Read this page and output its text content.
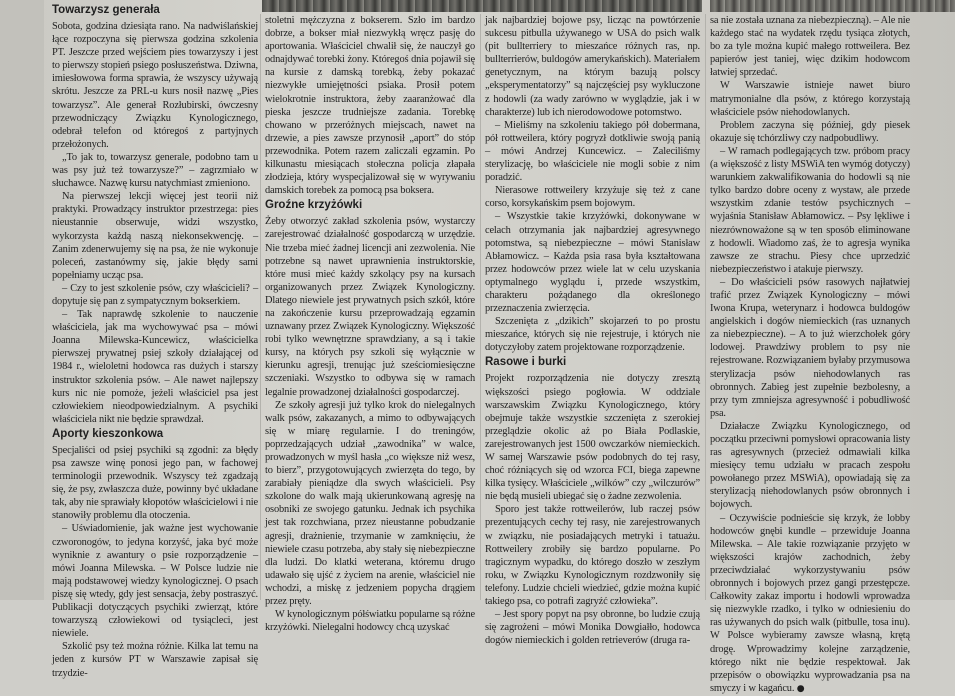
Towarzysz generała

Sobota, godzina dziesiąta rano. Na nadwiślańskiej łące rozpoczyna się pierwsza godzina szkolenia PT. Jeszcze przed wejściem pies towarzyszy i jest to pierwszy stopień psiego posłuszeństwa. Dziwna, imiesłowowa forma sprawia, że wszyscy używają skrótu. Jeszcze za PRL-u kurs nosił nazwę „Pies towarzysz”. Ale generał Rozłubirski, ówczesny przewodniczący Związku Kynologicznego, odebrał telefon od któregoś z partyjnych przełożonych.

„To jak to, towarzysz generale, podobno tam u was psy już też towarzysze?” – zagrzmiało w słuchawce. Nazwę kursu natychmiast zmieniono.

Na pierwszej lekcji więcej jest teorii niż praktyki. Prowadzący instruktor przestrzega: pies nieustannie obserwuje, widzi wszystko, wykorzysta każdą naszą niekonsekwencję. – Zanim zdenerwujemy się na psa, że nie wykonuje poleceń, zastanówmy się, jakie błędy sami popełniamy ucząc psa.

– Czy to jest szkolenie psów, czy właścicieli? – dopytuje się pan z sympatycznym bokserkiem.

– Tak naprawdę szkolenie to nauczenie właściciela, jak ma wychowywać psa – mówi Joanna Milewska-Kuncewicz, właścicielka pierwszej prywatnej psiej szkoły działającej od 1984 r., wieloletni hodowca ras dużych i starszy instruktor szkolenia psów. – Ale nawet najlepszy kurs nic nie pomoże, jeżeli właściciel psa jest człowiekiem nieodpowiedzialnym. A psychiki właściciela nikt nie będzie sprawdzał.

Aporty kieszonkowa

Specjaliści od psiej psychiki są zgodni: za błędy psa zawsze winę ponosi jego pan, w fachowej terminologii przewodnik. Wszyscy też zgadzają się, że psy, zwłaszcza duże, powinny być układane tak, aby nie sprawiały kłopotów właścicielowi i nie stanowiły problemu dla otoczenia.

– Uświadomienie, jak ważne jest wychowanie czworonogów, to jedyna korzyść, jaka być może wyniknie z awantury o psie rozporządzenie – mówi Joanna Milewska. – W Polsce ludzie nie mają podstawowej wiedzy kynologicznej. O psach piszę się wtedy, gdy jest sensacja, żeby postraszyć. Publikacji dotyczących psychiki zwierząt, które towarzyszą człowiekowi od tysiącleci, jest niewiele.

Szkolić psy też można różnie. Kilka lat temu na jeden z kursów PT w Warszawie zapisał się trzydzie-

stoletni mężczyzna z bokserem. Szło im bardzo dobrze, a bokser miał niezwykłą wręcz pasję do aportowania. Właściciel chwalił się, że nauczył go odnajdywać torebki żony. Któregoś dnia pojawił się na kursie z damską torebką, żeby pokazać niezwykłe umiejętności psiaka. Prosił potem wielokrotnie instruktora, żeby zaaranżować dla pieska jeszcze trudniejsze zadania. Torebkę chowano w przeróżnych miejscach, nawet na drzewie, a pies zawsze przynosił „aport” do stóp przewodnika. Potem razem zaliczali egzamin. Po kilkunastu miesiącach stołeczna policja złapała złodzieja, który wyspecjalizował się w wyrywaniu damskich torebek za pomocą psa boksera.

Groźne krzyżówki

Żeby otworzyć zakład szkolenia psów, wystarczy zarejestrować działalność gospodarczą w urzędzie. Nie trzeba mieć żadnej licencji ani zezwolenia. Nie potrzebne są nawet uprawnienia instruktorskie, które musi mieć każdy szkolący psy na kursach organizowanych przez Związek Kynologiczny. Dlatego niewiele jest prywatnych psich szkół, które na zakończenie kursu przeprowadzają egzamin uznawany przez Związek Kynologiczny. Większość robi tylko wewnętrzne sprawdziany, a są i takie kursy, na których psy szkoli się wyłącznie w kierunku agresji, trenując już sześciomiesięczne szczeniaki. Wszystko to odbywa się w ramach legalnie prowadzonej działalności gospodarczej.

Ze szkoły agresji już tylko krok do nielegalnych walk psów, zakazanych, a mimo to odbywających się w miarę regularnie. I do treningów, poprzedzających udział „zawodnika” w walce, prowadzonych w myśl hasła „co większe niż wesz, to bierz”, przygotowujących zwierzęta do tego, by zarabiały pieniądze dla swych właścicieli. Psy szkolone do walk mają ukierunkowaną agresję na osobniki ze swojego gatunku. Jednak ich psychika jest tak rozchwiana, przez nieustanne pobudzanie agresji, drażnienie, trzymanie w zamknięciu, że niewiele czasu potrzeba, aby stały się niebezpieczne dla ludzi. Do klatki weterana, któremu drugo udawało się ujść z życiem na arenie, właściciel nie wchodzi, a miskę z jedzeniem popycha drągiem przez pręty.

W kynologicznym półświatku popularne są różne krzyżówki. Nielegalni hodowcy chcą uzyskać

jak najbardziej bojowe psy, licząc na powtórzenie sukcesu pitbulla używanego w USA do psich walk (pit bullterriery to mieszańce różnych ras, np. bullterrierów, buldogów amerykańskich). Materiałem genetycznym, na którym bazują polscy „eksperymentatorzy” są najczęściej psy wykluczone z hodowli (za wady zarówno w wyglądzie, jak i w charakterze) lub ich nierodowodowe potomstwo.

– Mieliśmy na szkoleniu takiego pół dobermana, pół rottweilera, który pogryzł dotkliwie swoją panią – mówi Andrzej Kuncewicz. – Zaleciliśmy sterylizację, bo właściciele nie mogli sobie z nim poradzić.

Nierasowe rottweilery krzyżuje się też z cane corso, korsykańskim psem bojowym.

– Wszystkie takie krzyżówki, dokonywane w celach otrzymania jak najbardziej agresywnego potomstwa, są niebezpieczne – mówi Stanisław Abłamowicz. – Każda psia rasa była kształtowana przez hodowców przez wiele lat w celu uzyskania optymalnego wyglądu i, przede wszystkim, charakteru pożądanego dla określonego przeznaczenia zwierzęcia.

Szczenięta z „dzikich” skojarzeń to po prostu mieszańce, których się nie rejestruje, i których nie dotyczyłoby zatem projektowane rozporządzenie.

Rasowe i burki

Projekt rozporządzenia nie dotyczy zresztą większości psiego pogłowia. W oddziale warszawskim Związku Kynologicznego, który obejmuje także wszystkie szczenięta z szerokiej przeglądzie okolic aż po Biała Podlaskie, zarejestrowanych jest 1500 owczarków niemieckich. W samej Warszawie psów podobnych do tej rasy, choć różniących się od wzorca FCI, biega zapewne kilka tysięcy. Właściciele „wilków” czy „wilczurów” nie będą musieli ubiegać się o żadne zezwolenia.

Sporo jest także rottweilerów, lub raczej psów prezentujących cechy tej rasy, nie zarejestrowanych w związku, nie posiadających metryki i tatuażu. Rottweilery zrobiły się bardzo popularne. Po tragicznym wypadku, do którego doszło w zeszłym roku, w Związku Kynologicznym rozdzwoniły się telefony. Ludzie chcieli wiedzieć, gdzie można kupić takiego psa, co potrafi zagryźć człowieka”.

– Jest spory popyt na psy obronne, bo ludzie czują się zagrożeni – mówi Monika Dowgiałło, hodowca dogów niemieckich i golden retrieverów (druga ra-

sa nie została uznana za niebezpieczną). – Ale nie każdego stać na wydatek rzędu tysiąca złotych, bo za tyle można kupić małego rottweilera. Bez papierów jest taniej, więc dzikim hodowcom łatwiej sprzedać.

W Warszawie istnieje nawet biuro matrymonialne dla psów, z którego korzystają właściciele psów niehodowlanych.

Problem zaczyna się później, gdy piesek okazuje się tchórzliwy czy nadpobudliwy.

– W ramach podlegających tzw. próbom pracy (a większość z listy MSWiA ten wymóg dotyczy) warunkiem zakwalifikowania do hodowli są nie tylko bardzo dobre oceny z wystaw, ale przede wszystkim zdanie testów psychicznych – wyjaśnia Stanisław Abłamowicz. – Psy lękliwe i niezrównoważone są w ten sposób eliminowane z hodowli. Wiadomo zaś, że to agresja wynika zawsze ze strachu. Piesy chce uprzedzić niebezpieczeństwo i atakuje pierwszy.

– Do właścicieli psów rasowych najłatwiej trafić przez Związek Kynologiczny – mówi Iwona Krupa, weterynarz i hodowca buldogów angielskich i dogów niemieckich (ras uznanych za niebezpieczne). – A to już wierzchołek góry lodowej. Prawdziwy problem to psy nie rejestrowane. Rozwiązaniem byłaby przymusowa sterylizacja psów niehodowlanych ras obronnych. Zabieg jest zupełnie bezbolesny, a przy tym zmniejsza agresywność i pobudliwość psa.

Działacze Związku Kynologicznego, od początku przeciwni pomysłowi opracowania listy ras agresywnych (przecież odmawiali kilka miesięcy temu udziału w pracach zespołu powołanego przez MSWiA), opowiadają się za sterylizacją niehodowlanych psów obronnych i bojowych.

– Oczywiście podnieście się krzyk, że lobby hodowców gnębi kundle – przewiduje Joanna Milewska. – Ale takie rozwiązanie przyjęto w większości krajów zachodnich, żeby przeciwdziałać wykorzystywaniu psów obronnych i bojowych przez gangi przestępcze. Całkowity zakaz importu i hodowli wprowadza się niezwykle rzadko, i tylko w odniesieniu do ras używanych do psich walk (pitbulle, tosa inu). W Polsce wybieramy zawsze własną, krętą drogę. Wprowadzimy kolejne zarządzenie, którego nikt nie będzie respektował. Jak przepisów o obowiązku wyprowadzania psa na smyczy i w kagańcu. ●
